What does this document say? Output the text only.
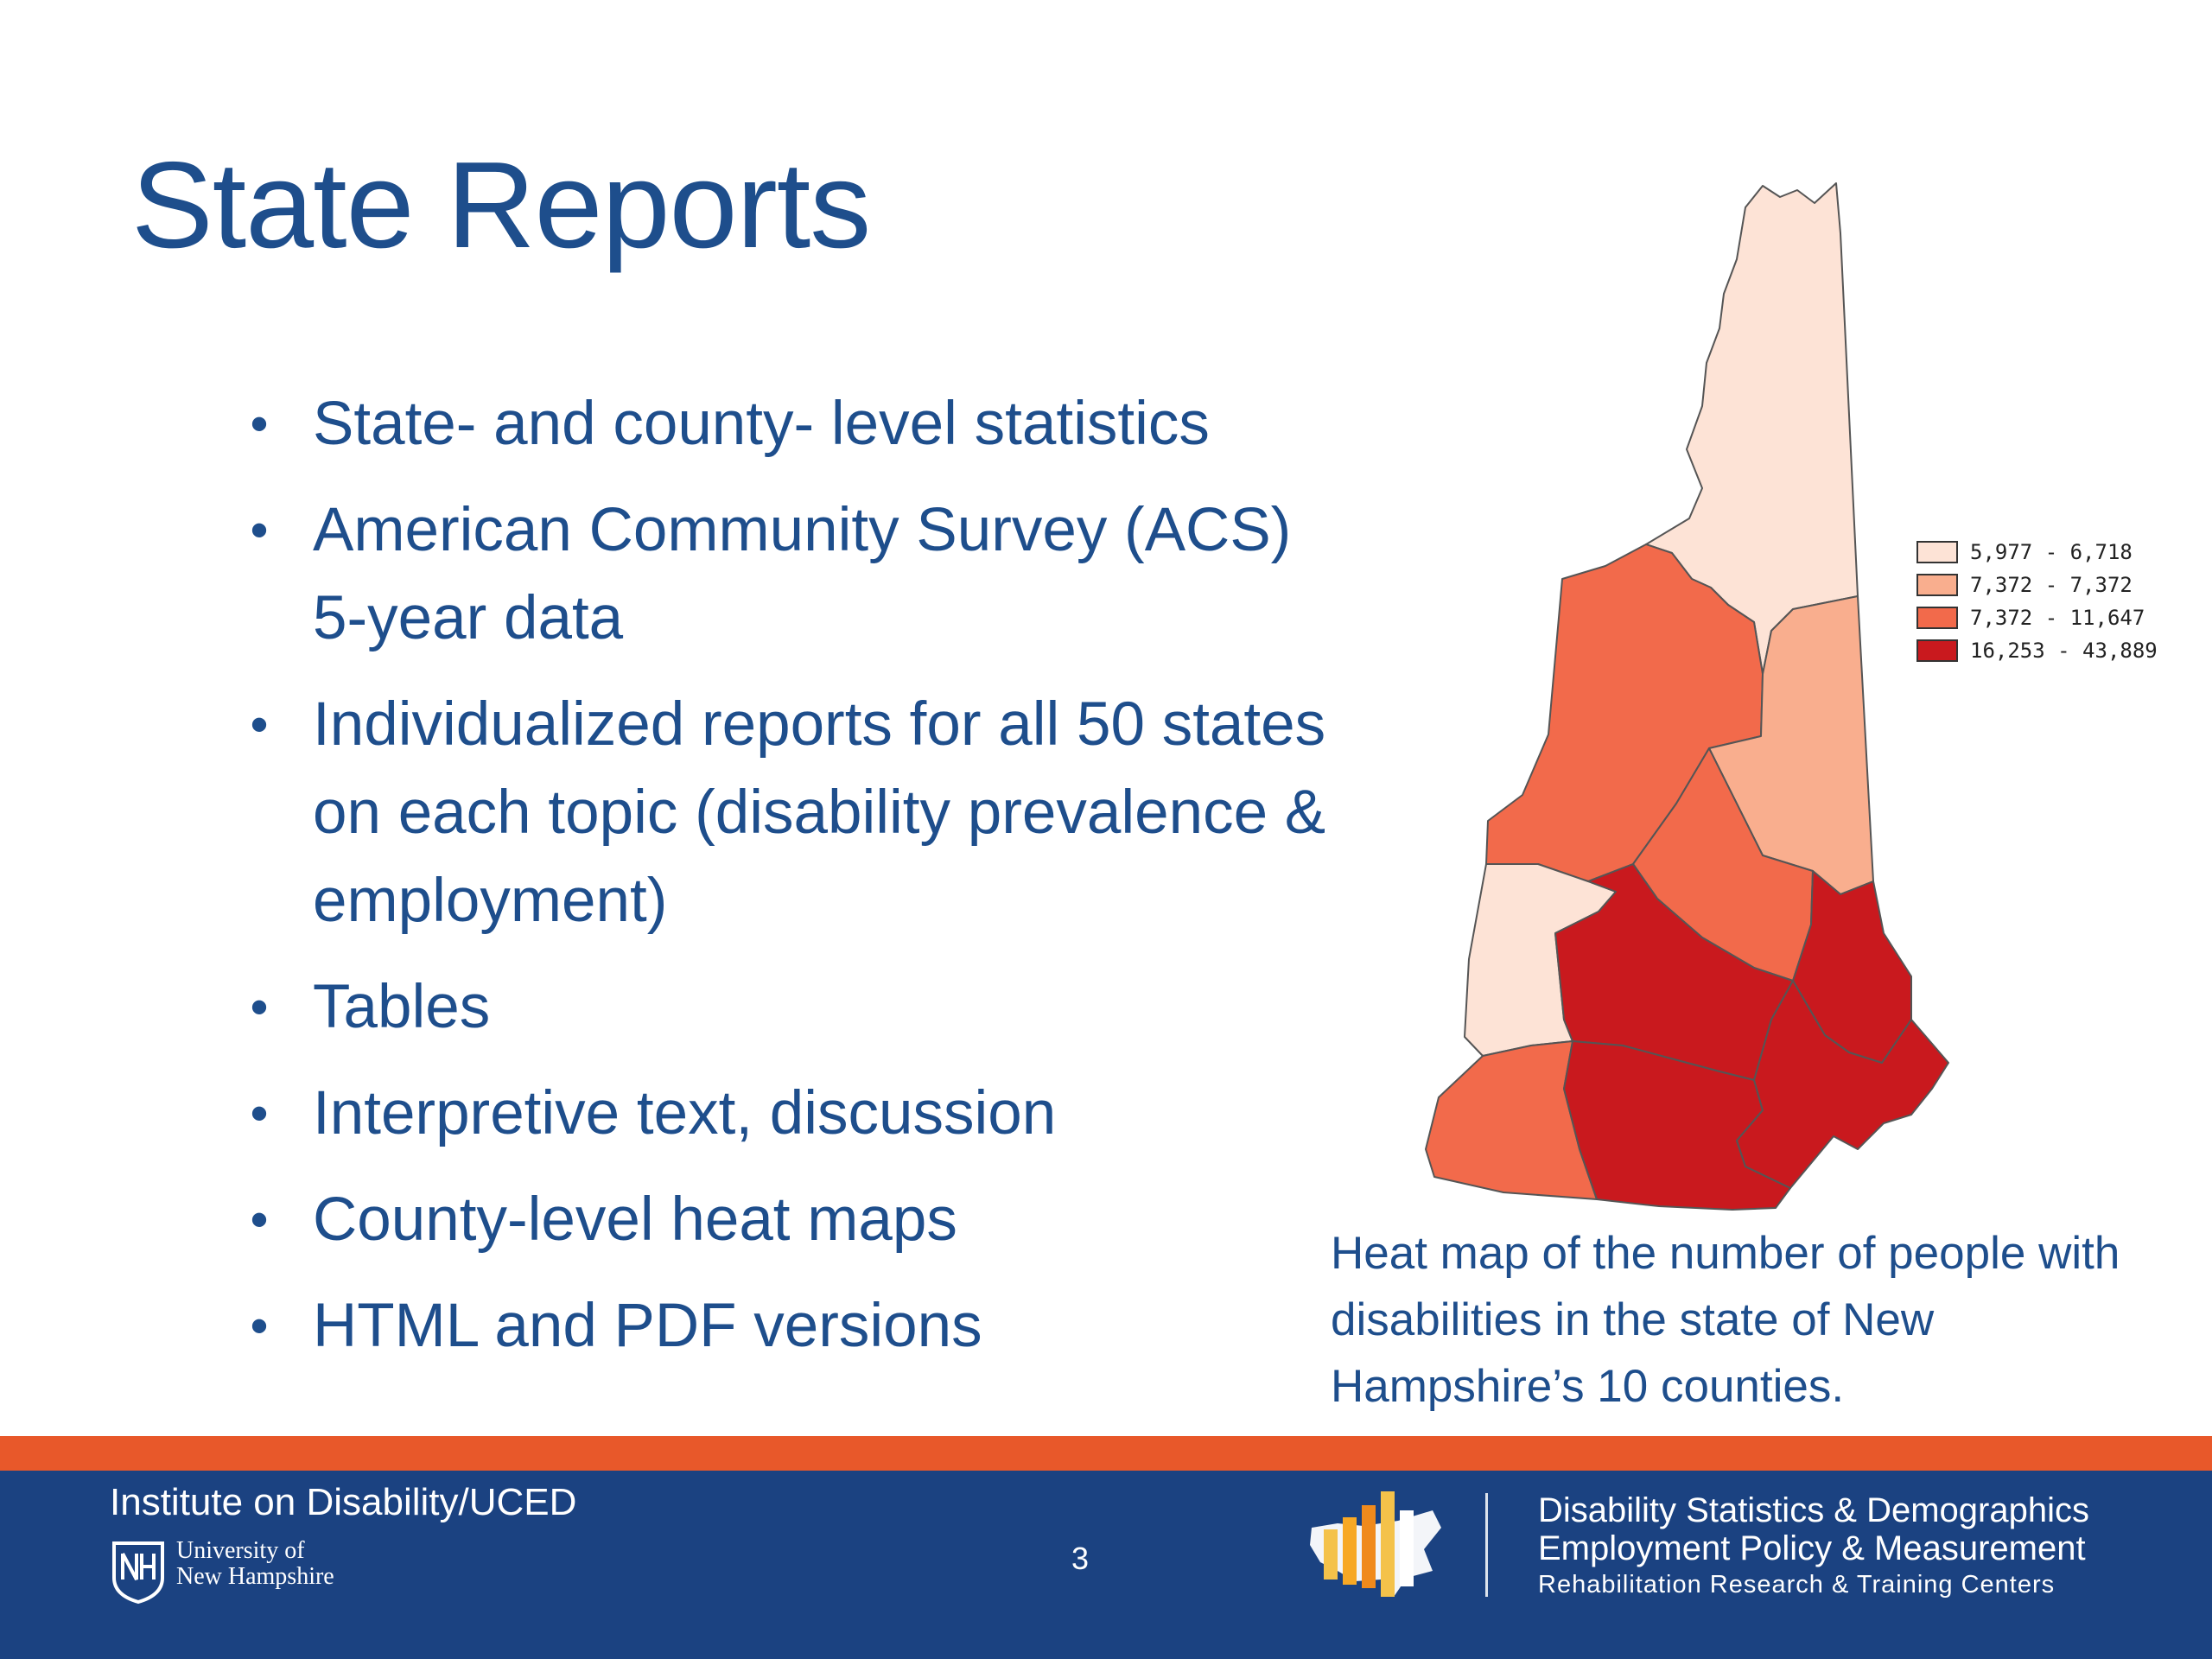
State Reports
• State- and county- level statistics
• American Community Survey (ACS) 5-year data
• Individualized reports for all 50 states on each topic (disability prevalence & employment)
• Tables
• Interpretive text, discussion
• County-level heat maps
• HTML and PDF versions
5,977 - 6,718
7,372 - 7,372
7,372 - 11,647
16,253 - 43,889
Heat map of the number of people with disabilities in the state of New Hampshire’s 10 counties.
Institute on Disability/UCED
University of
New Hampshire
3
Disability Statistics & Demographics
Employment Policy & Measurement
Rehabilitation Research & Training Centers
